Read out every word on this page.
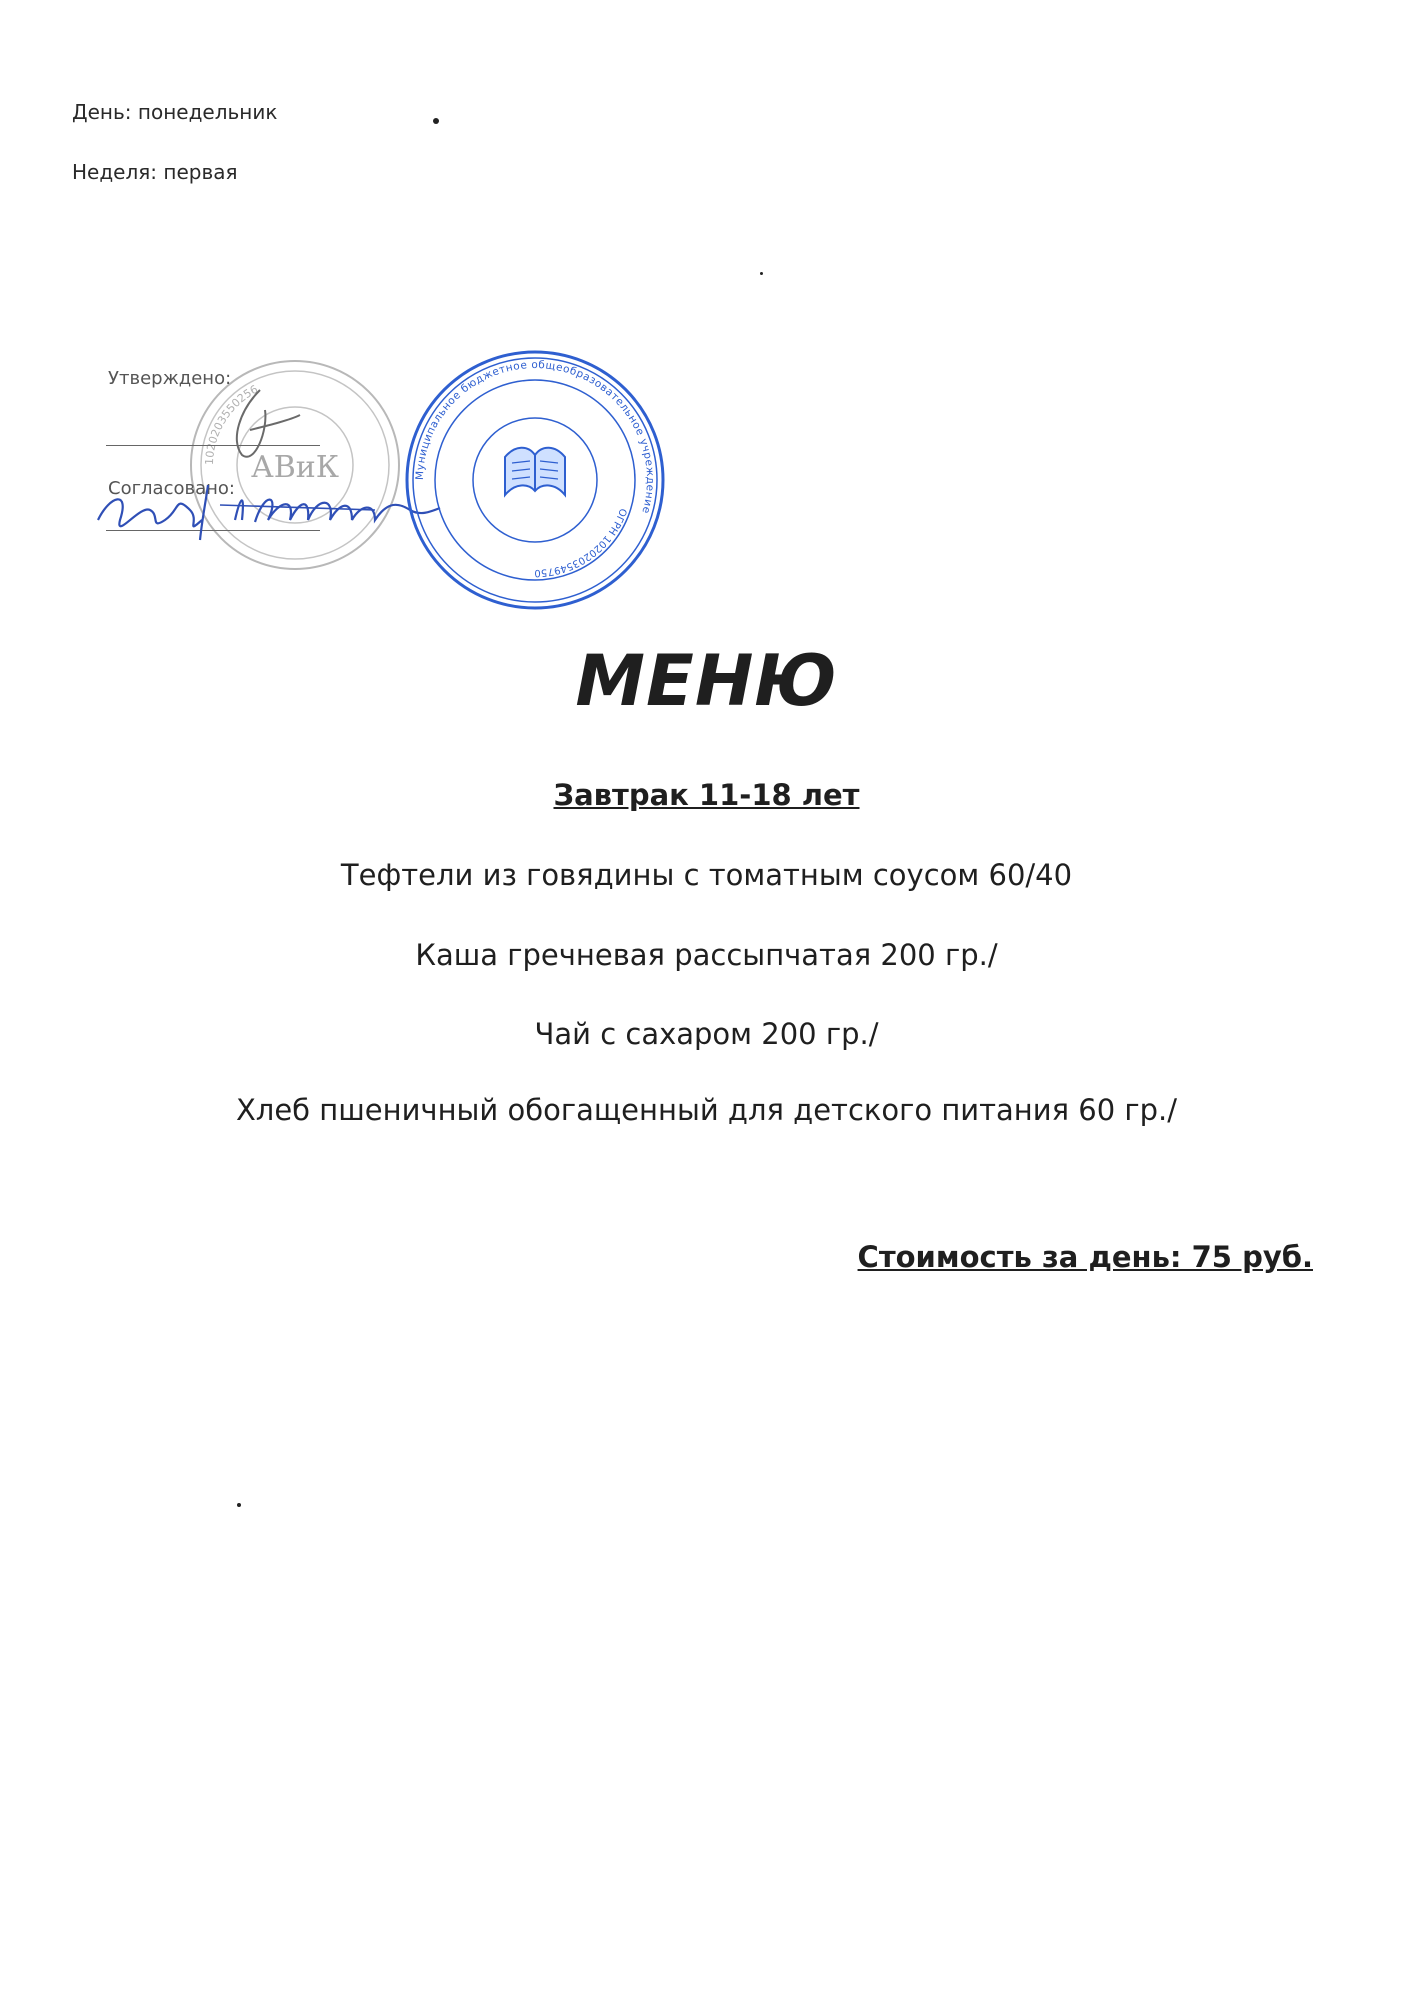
День: понедельник
Неделя: первая
1020203550256
АВиК
Утверждено:
Согласовано:
Муниципальное бюджетное общеобразовательное учреждение
ОГРН 1020203549750
МЕНЮ
Завтрак 11-18 лет
Тефтели из говядины с томатным соусом 60/40
Каша гречневая рассыпчатая 200 гр./
Чай с сахаром 200 гр./
Хлеб пшеничный обогащенный для детского питания 60 гр./
Стоимость за день: 75 руб.
